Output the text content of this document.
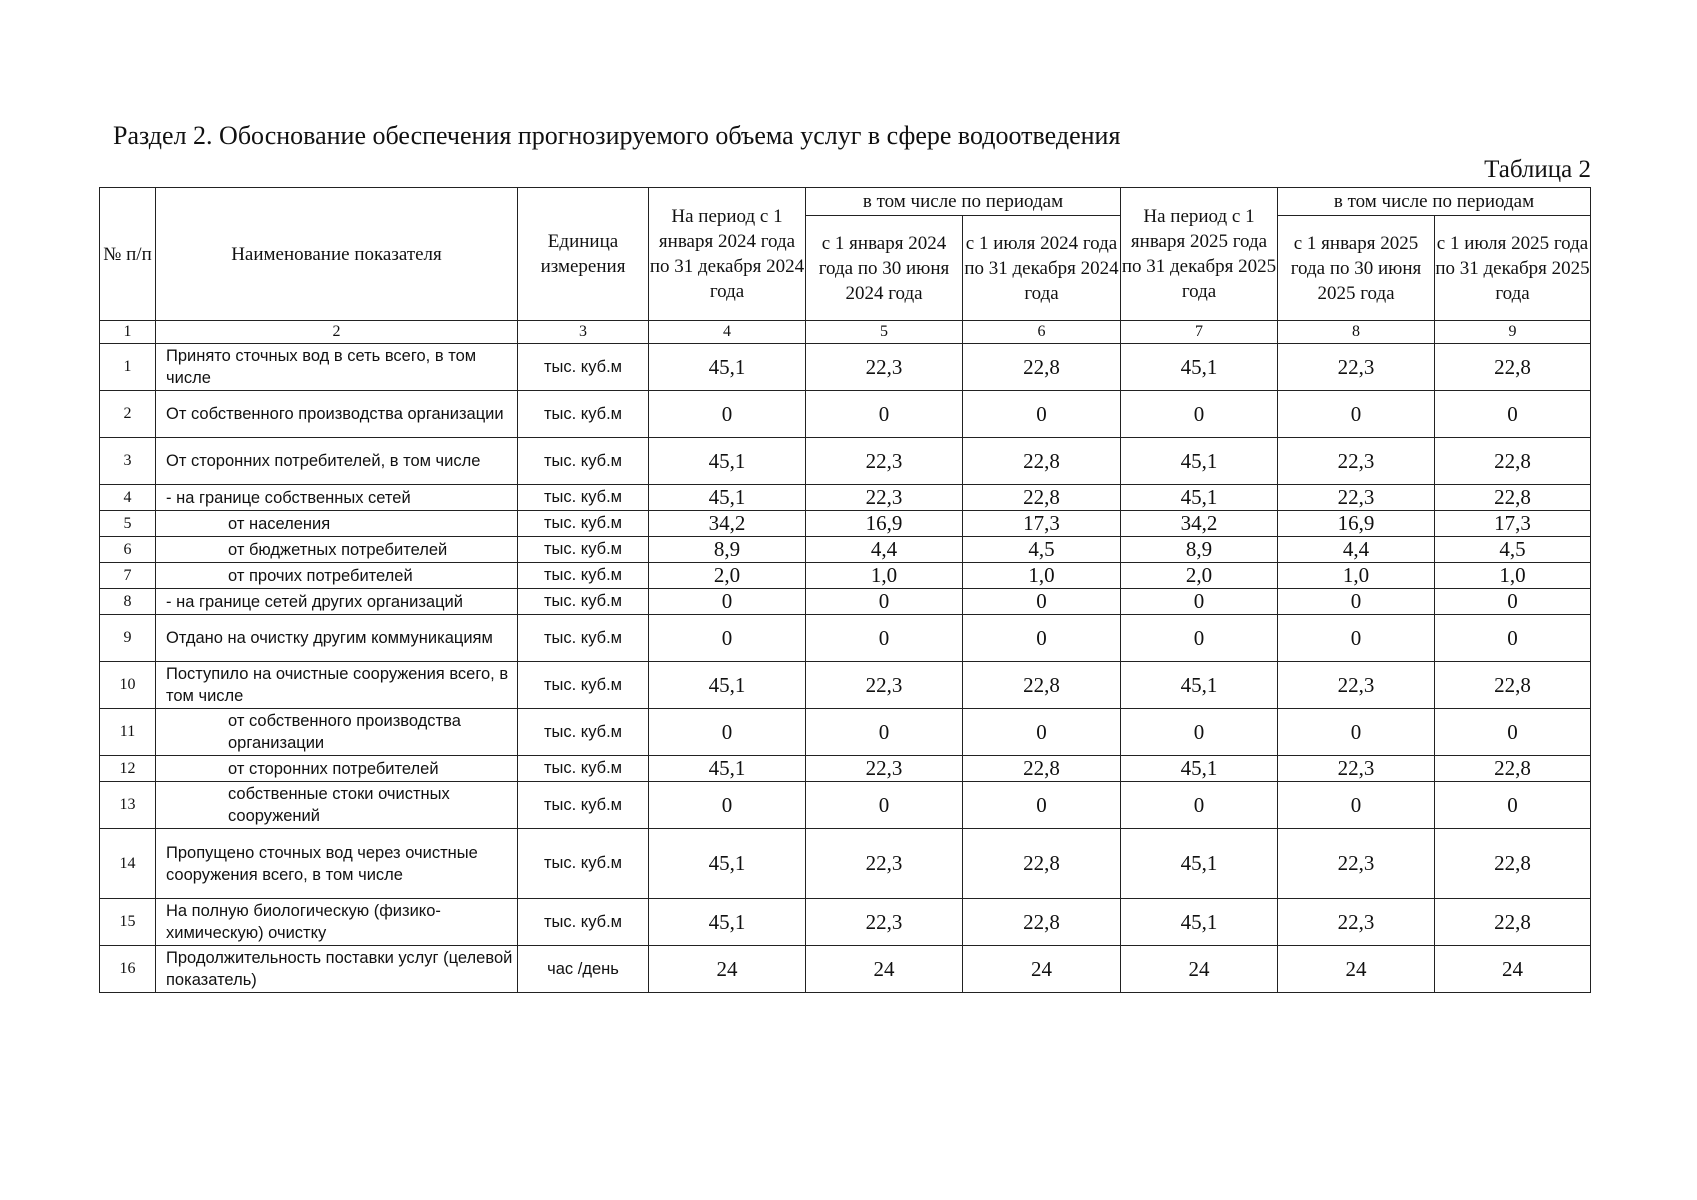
Раздел 2. Обоснование обеспечения прогнозируемого объема услуг в сфере водоотведения
Таблица 2
№ п/п	Наименование показателя	Единица измерения	На период с 1 января 2024 года по 31 декабря 2024 года	в том числе по периодам		На период с 1 января 2025 года по 31 декабря 2025 года	в том числе по периодам	
				с 1 января 2024 года по 30 июня 2024 года	с 1 июля 2024 года по 31 декабря 2024 года		с 1 января 2025 года по 30 июня 2025 года	с 1 июля 2025 года по 31 декабря 2025 года
1	2	3	4	5	6	7	8	9
1	Принято сточных вод в сеть всего, в том числе	тыс. куб.м	45,1	22,3	22,8	45,1	22,3	22,8
2	От собственного производства организации	тыс. куб.м	0	0	0	0	0	0
3	От сторонних потребителей, в том числе	тыс. куб.м	45,1	22,3	22,8	45,1	22,3	22,8
4	- на границе собственных сетей	тыс. куб.м	45,1	22,3	22,8	45,1	22,3	22,8
5	от населения	тыс. куб.м	34,2	16,9	17,3	34,2	16,9	17,3
6	от бюджетных потребителей	тыс. куб.м	8,9	4,4	4,5	8,9	4,4	4,5
7	от прочих потребителей	тыс. куб.м	2,0	1,0	1,0	2,0	1,0	1,0
8	- на границе сетей других организаций	тыс. куб.м	0	0	0	0	0	0
9	Отдано на очистку другим коммуникациям	тыс. куб.м	0	0	0	0	0	0
10	Поступило на очистные сооружения всего, в том числе	тыс. куб.м	45,1	22,3	22,8	45,1	22,3	22,8
11	от собственного производства организации	тыс. куб.м	0	0	0	0	0	0
12	от сторонних потребителей	тыс. куб.м	45,1	22,3	22,8	45,1	22,3	22,8
13	собственные стоки очистных сооружений	тыс. куб.м	0	0	0	0	0	0
14	Пропущено сточных вод через очистные сооружения всего, в том числе	тыс. куб.м	45,1	22,3	22,8	45,1	22,3	22,8
15	На полную биологическую (физико-химическую) очистку	тыс. куб.м	45,1	22,3	22,8	45,1	22,3	22,8
16	Продолжительность поставки услуг (целевой показатель)	час /день	24	24	24	24	24	24
